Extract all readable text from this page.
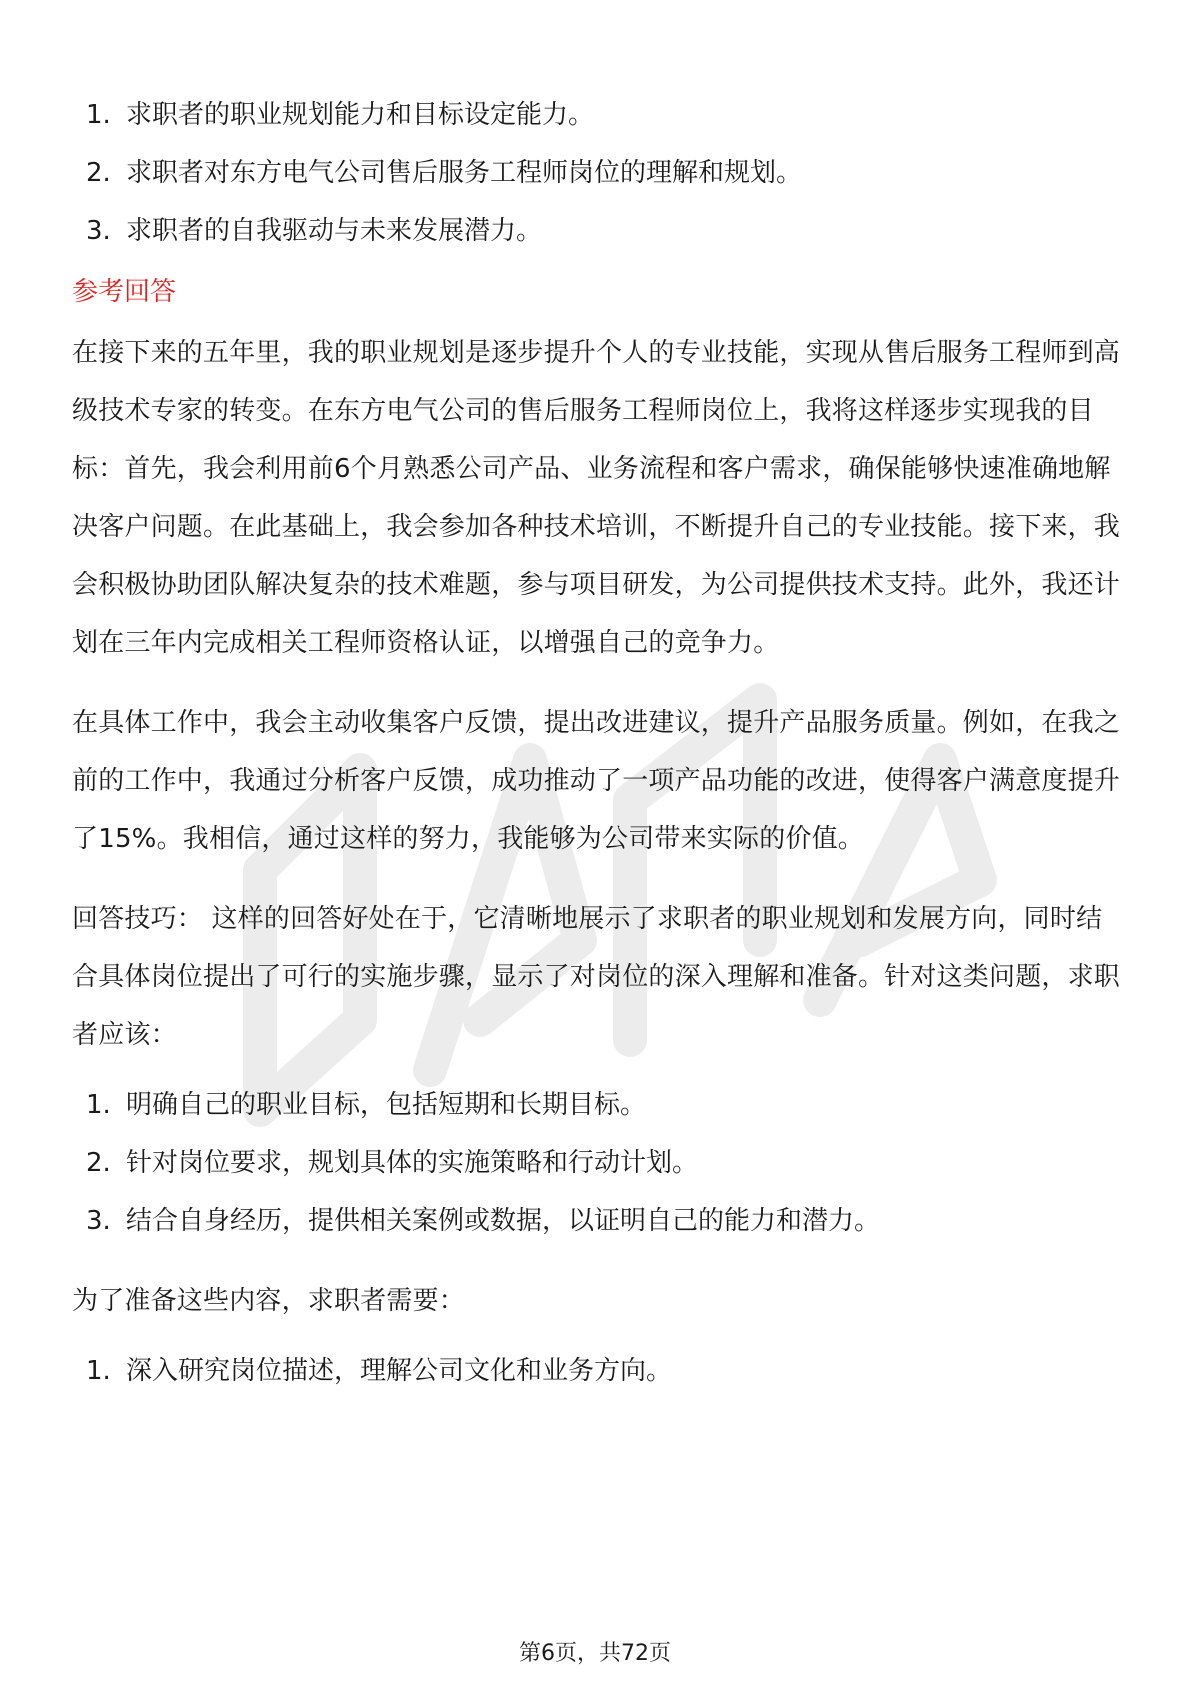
1. 求职者的职业规划能力和目标设定能力。
2. 求职者对东方电气公司售后服务工程师岗位的理解和规划。
3. 求职者的自我驱动与未来发展潜力。
参考回答

在接下来的五年里，我的职业规划是逐步提升个人的专业技能，实现从售后服务工程师到高级技术专家的转变。在东方电气公司的售后服务工程师岗位上，我将这样逐步实现我的目标：首先，我会利用前6个月熟悉公司产品、业务流程和客户需求，确保能够快速准确地解决客户问题。在此基础上，我会参加各种技术培训，不断提升自己的专业技能。接下来，我会积极协助团队解决复杂的技术难题，参与项目研发，为公司提供技术支持。此外，我还计划在三年内完成相关工程师资格认证，以增强自己的竞争力。

在具体工作中，我会主动收集客户反馈，提出改进建议，提升产品服务质量。例如，在我之前的工作中，我通过分析客户反馈，成功推动了一项产品功能的改进，使得客户满意度提升了15%。我相信，通过这样的努力，我能够为公司带来实际的价值。

回答技巧： 这样的回答好处在于，它清晰地展示了求职者的职业规划和发展方向，同时结合具体岗位提出了可行的实施步骤，显示了对岗位的深入理解和准备。针对这类问题，求职者应该：

1. 明确自己的职业目标，包括短期和长期目标。
2. 针对岗位要求，规划具体的实施策略和行动计划。
3. 结合自身经历，提供相关案例或数据，以证明自己的能力和潜力。

为了准备这些内容，求职者需要：

1. 深入研究岗位描述，理解公司文化和业务方向。
第6页，共72页
